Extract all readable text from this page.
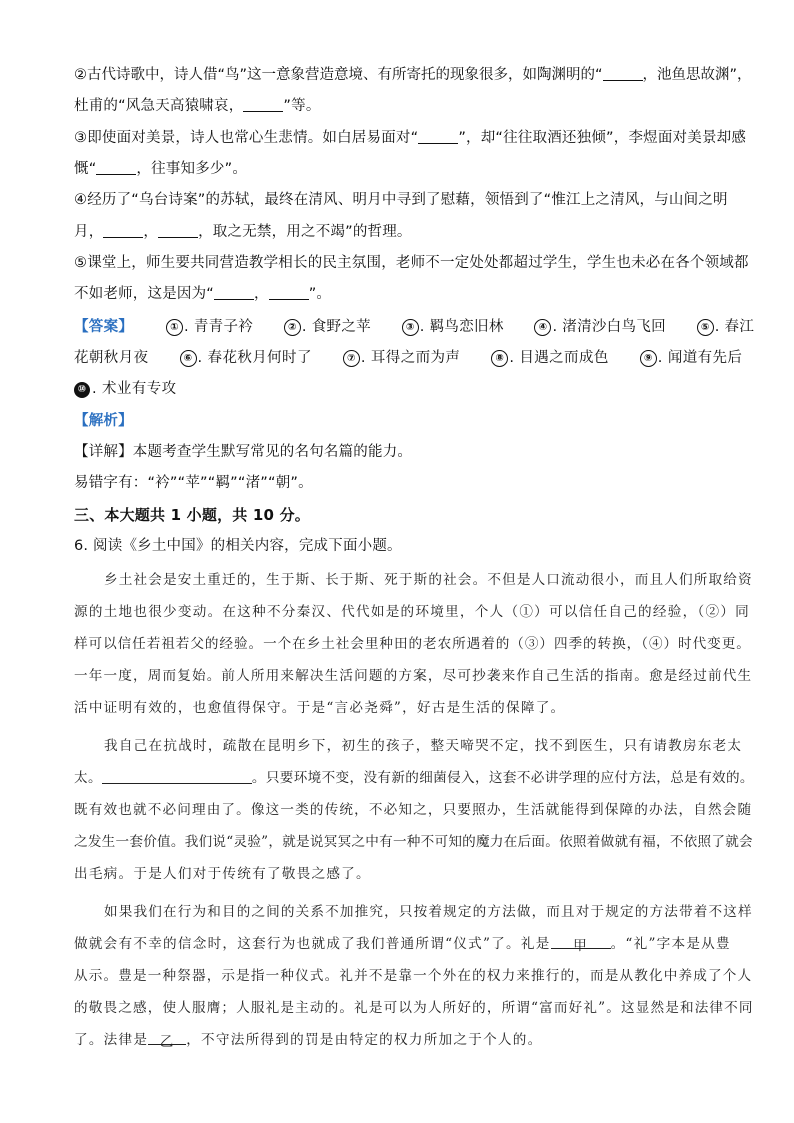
②古代诗歌中，诗人借“鸟”这一意象营造意境、有所寄托的现象很多，如陶渊明的“	，池鱼思故渊”，
杜甫的“风急天高猿啸哀，	”等。
③即使面对美景，诗人也常心生悲情。如白居易面对“	”，却“往往取酒还独倾”，李煜面对美景却感
慨“	，往事知多少”。
④经历了“乌台诗案”的苏轼，最终在清风、明月中寻到了慰藉，领悟到了“惟江上之清风，与山间之明
月，	，	，取之无禁，用之不竭”的哲理。
⑤课堂上，师生要共同营造教学相长的民主氛围，老师不一定处处都超过学生，学生也未必在各个领域都
不如老师，这是因为“	，	”。
【答案】	① . 青青子衿	② . 食野之苹	③ . 羁鸟恋旧林	④ . 渚清沙白鸟飞回	⑤ . 春江
花朝秋月夜	⑥ . 春花秋月何时了	⑦ . 耳得之而为声	⑧ . 目遇之而成色	⑨ . 闻道有先后
⑩ . 术业有专攻
【解析】
【详解】本题考查学生默写常见的名句名篇的能力。
易错字有：“衿”“苹”“羁”“渚”“朝”。
三、本大题共 1 小题，共 10 分。
6. 阅读《乡土中国》的相关内容，完成下面小题。
乡土社会是安土重迁的，生于斯、长于斯、死于斯的社会。不但是人口流动很小，而且人们所取给资
源的土地也很少变动。在这种不分秦汉、代代如是的环境里，个人（①）可以信任自己的经验，（②）同
样可以信任若祖若父的经验。一个在乡土社会里种田的老农所遇着的（③）四季的转换，（④）时代变更。
一年一度，周而复始。前人所用来解决生活问题的方案，尽可抄袭来作自己生活的指南。愈是经过前代生
活中证明有效的，也愈值得保守。于是“言必尧舜”，好古是生活的保障了。
我自己在抗战时，疏散在昆明乡下，初生的孩子，整天啼哭不定，找不到医生，只有请教房东老太
太。	。只要环境不变，没有新的细菌侵入，这套不必讲学理的应付方法，总是有效的。
既有效也就不必问理由了。像这一类的传统，不必知之，只要照办，生活就能得到保障的办法，自然会随
之发生一套价值。我们说“灵验”，就是说冥冥之中有一种不可知的魔力在后面。依照着做就有福，不依照了就会
出毛病。于是人们对于传统有了敬畏之感了。
如果我们在行为和目的之间的关系不加推究，只按着规定的方法做，而且对于规定的方法带着不这样
做就会有不幸的信念时，这套行为也就成了我们普通所谓“仪式”了。礼是 甲 。“礼”字本是从豊
从示。豊是一种祭器，示是指一种仪式。礼并不是靠一个外在的权力来推行的，而是从教化中养成了个人
的敬畏之感，使人服膺；人服礼是主动的。礼是可以为人所好的，所谓“富而好礼”。这显然是和法律不同
了。法律是 乙 ，不守法所得到的罚是由特定的权力所加之于个人的。
